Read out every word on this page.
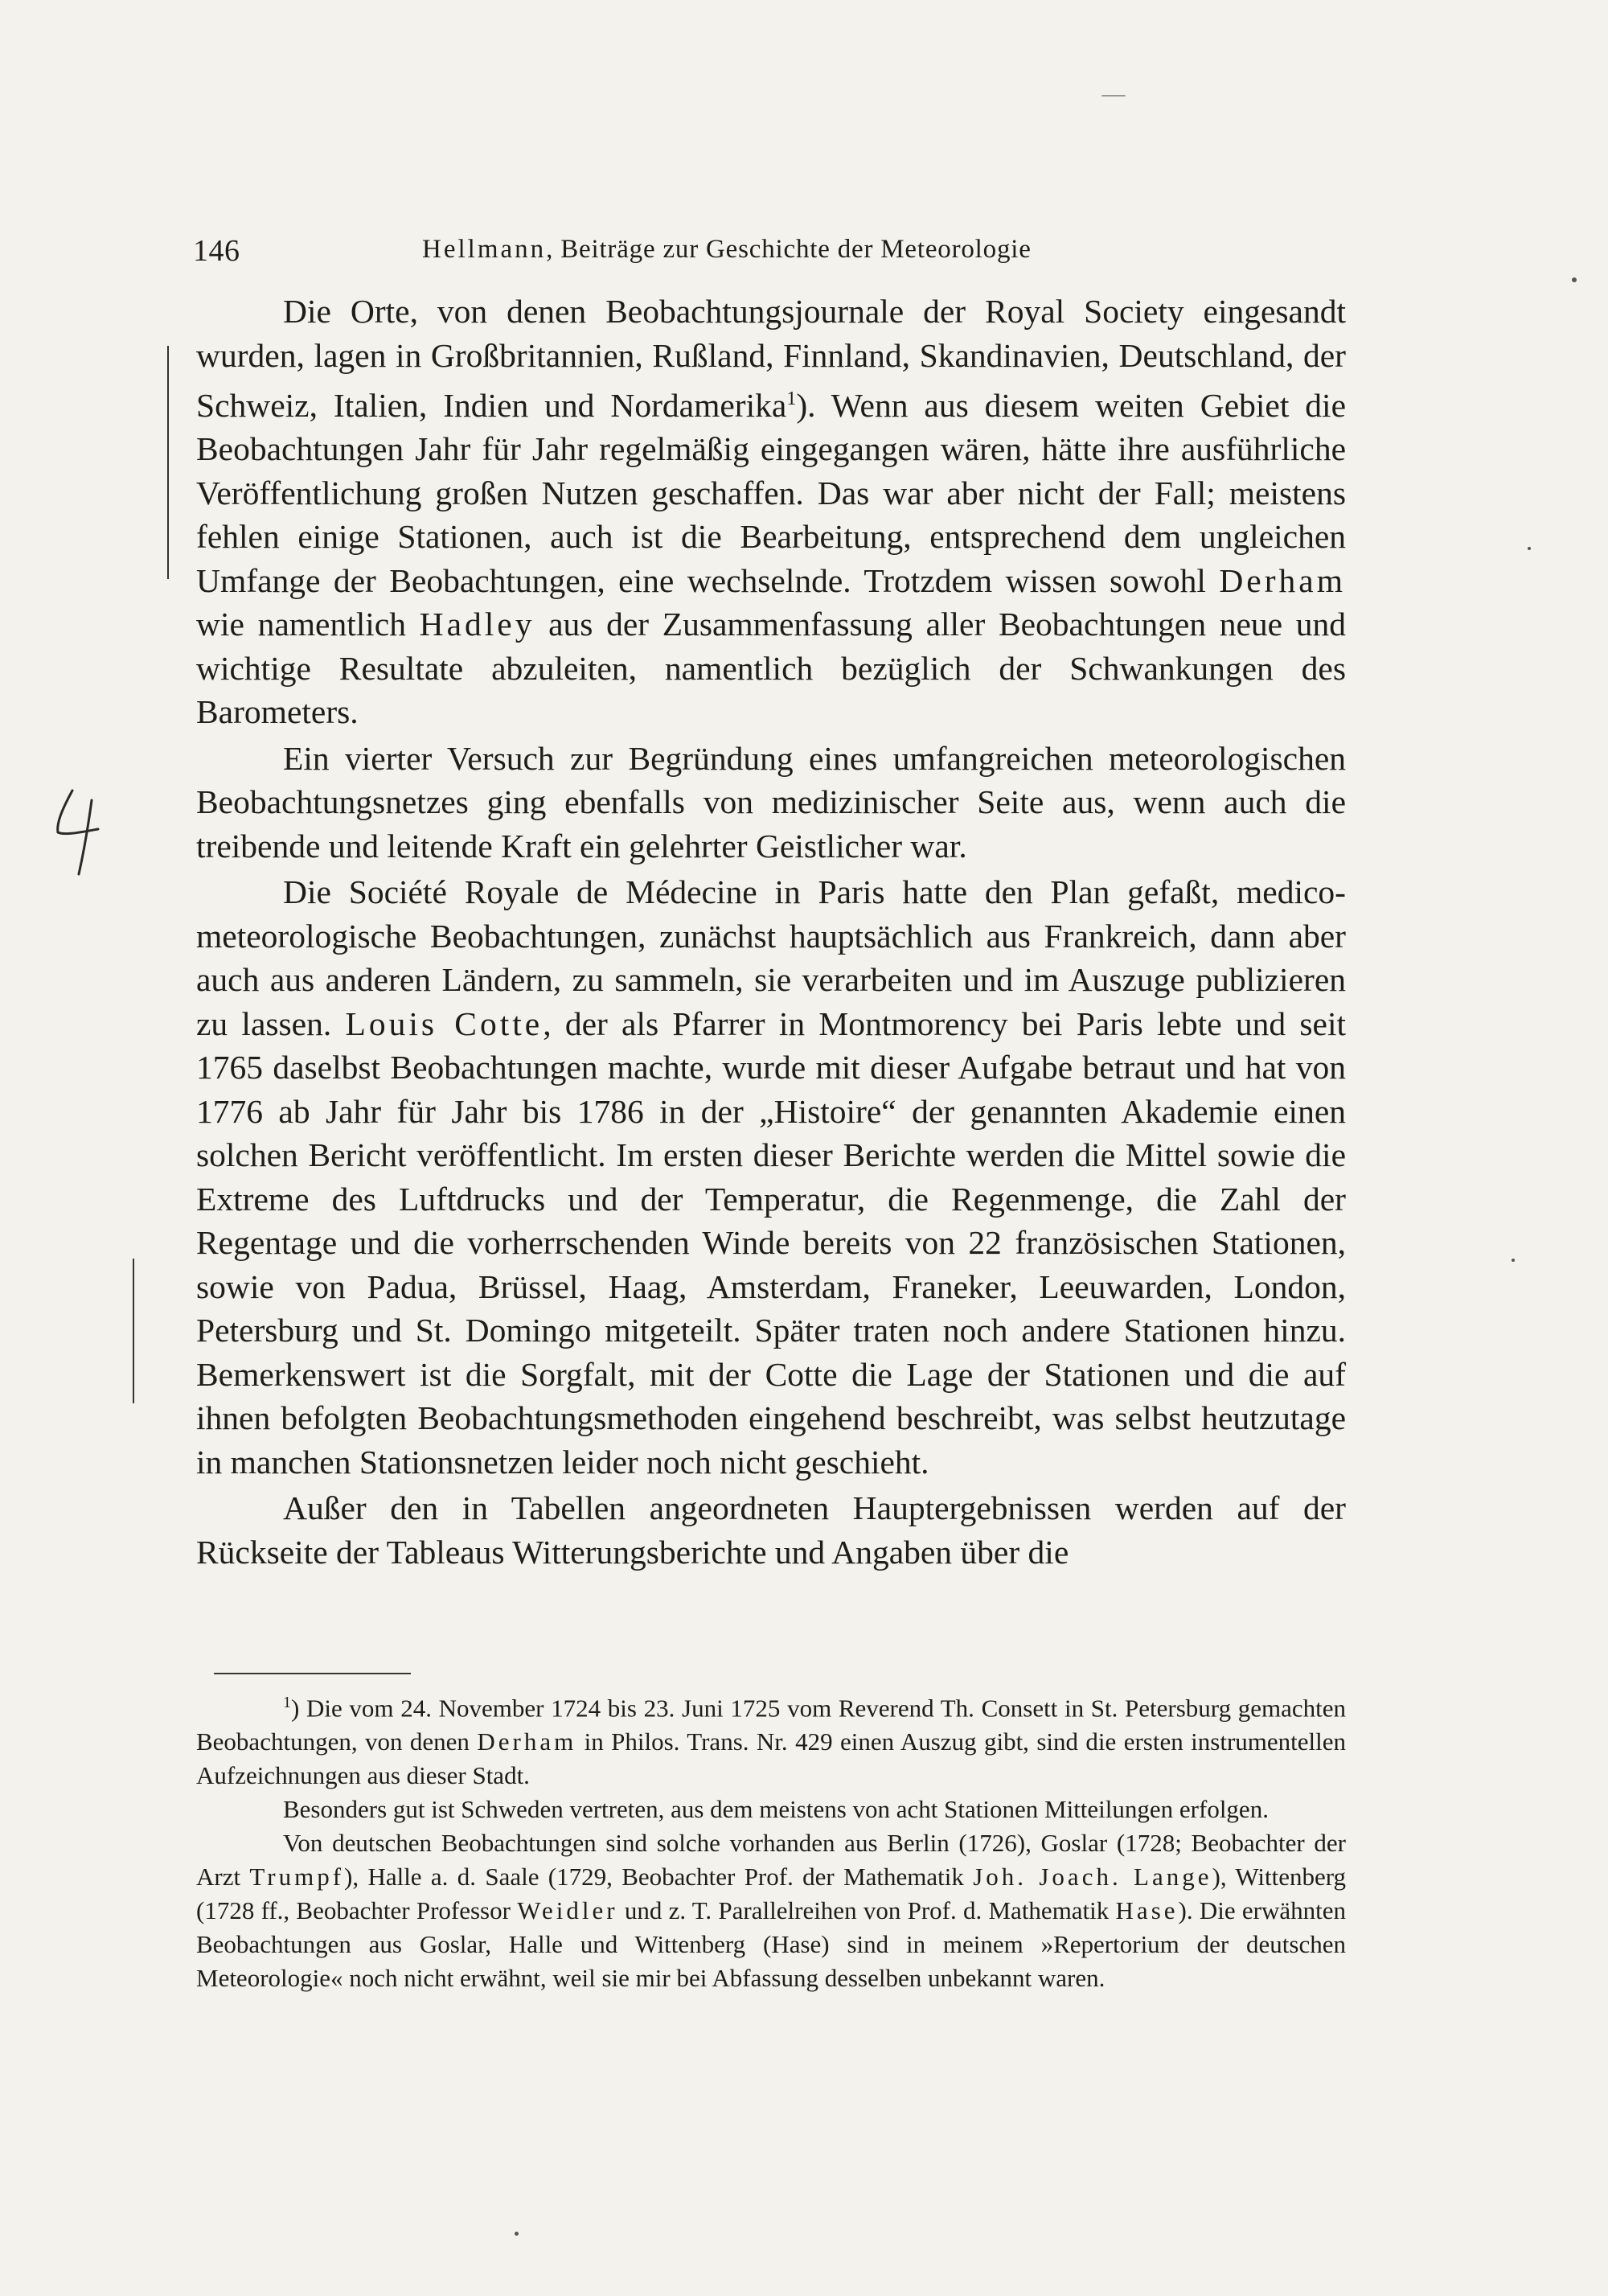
146	Hellmann, Beiträge zur Geschichte der Meteorologie

Die Orte, von denen Beobachtungsjournale der Royal Society eingesandt wurden, lagen in Großbritannien, Rußland, Finnland, Skandinavien, Deutschland, der Schweiz, Italien, Indien und Nordamerika$^1$). Wenn aus diesem weiten Gebiet die Beobachtungen Jahr für Jahr regelmäßig eingegangen wären, hätte ihre ausführliche Veröffentlichung großen Nutzen geschaffen. Das war aber nicht der Fall; meistens fehlen einige Stationen, auch ist die Bearbeitung, entsprechend dem ungleichen Umfange der Beobachtungen, eine wechselnde. Trotzdem wissen sowohl Derham wie namentlich Hadley aus der Zusammenfassung aller Beobachtungen neue und wichtige Resultate abzuleiten, namentlich bezüglich der Schwankungen des Barometers.

Ein vierter Versuch zur Begründung eines umfangreichen meteorologischen Beobachtungsnetzes ging ebenfalls von medizinischer Seite aus, wenn auch die treibende und leitende Kraft ein gelehrter Geistlicher war.

Die Société Royale de Médecine in Paris hatte den Plan gefaßt, medico-meteorologische Beobachtungen, zunächst hauptsächlich aus Frankreich, dann aber auch aus anderen Ländern, zu sammeln, sie verarbeiten und im Auszuge publizieren zu lassen. Louis Cotte, der als Pfarrer in Montmorency bei Paris lebte und seit 1765 daselbst Beobachtungen machte, wurde mit dieser Aufgabe betraut und hat von 1776 ab Jahr für Jahr bis 1786 in der „Histoire“ der genannten Akademie einen solchen Bericht veröffentlicht. Im ersten dieser Berichte werden die Mittel sowie die Extreme des Luftdrucks und der Temperatur, die Regenmenge, die Zahl der Regentage und die vorherrschenden Winde bereits von 22 französischen Stationen, sowie von Padua, Brüssel, Haag, Amsterdam, Franeker, Leeuwarden, London, Petersburg und St. Domingo mitgeteilt. Später traten noch andere Stationen hinzu. Bemerkenswert ist die Sorgfalt, mit der Cotte die Lage der Stationen und die auf ihnen befolgten Beobachtungsmethoden eingehend beschreibt, was selbst heutzutage in manchen Stationsnetzen leider noch nicht geschieht.

Außer den in Tabellen angeordneten Hauptergebnissen werden auf der Rückseite der Tableaus Witterungsberichte und Angaben über die

$^1$) Die vom 24. November 1724 bis 23. Juni 1725 vom Reverend Th. Consett in St. Petersburg gemachten Beobachtungen, von denen Derham in Philos. Trans. Nr. 429 einen Auszug gibt, sind die ersten instrumentellen Aufzeichnungen aus dieser Stadt.

Besonders gut ist Schweden vertreten, aus dem meistens von acht Stationen Mitteilungen erfolgen.

Von deutschen Beobachtungen sind solche vorhanden aus Berlin (1726), Goslar (1728; Beobachter der Arzt Trumpf), Halle a. d. Saale (1729, Beobachter Prof. der Mathematik Joh. Joach. Lange), Wittenberg (1728 ff., Beobachter Professor Weidler und z. T. Parallelreihen von Prof. d. Mathematik Hase). Die erwähnten Beobachtungen aus Goslar, Halle und Wittenberg (Hase) sind in meinem »Repertorium der deutschen Meteorologie« noch nicht erwähnt, weil sie mir bei Abfassung desselben unbekannt waren.
